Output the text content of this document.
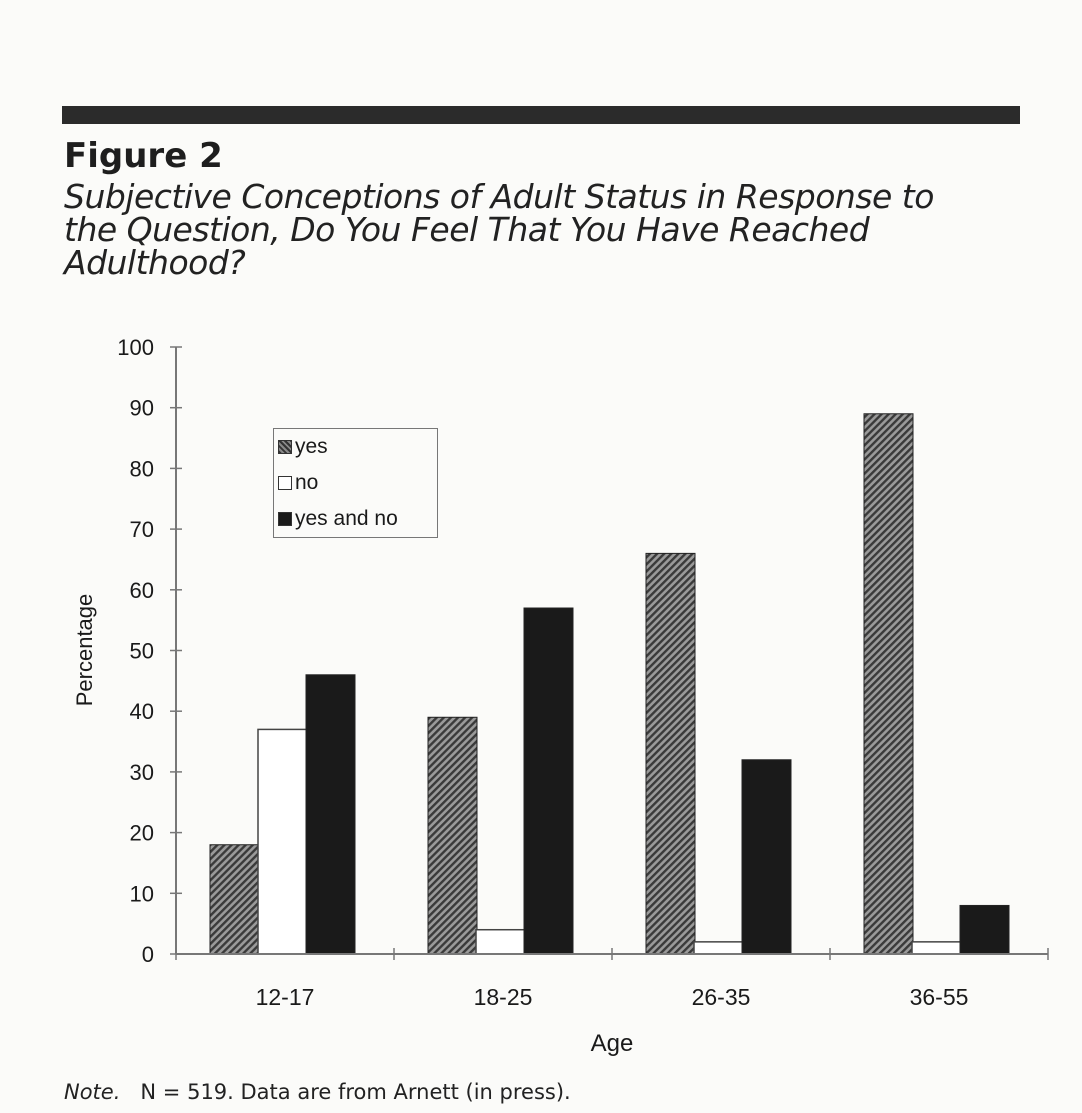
Figure 2
Subjective Conceptions of Adult Status in Response to
the Question, Do You Feel That You Have Reached
Adulthood?
0
10
20
30
40
50
60
70
80
90
100
12-17	18-25	26-35	36-55
Percentage
Age
yes
no
yes and no
Note. N = 519. Data are from Arnett (in press).
